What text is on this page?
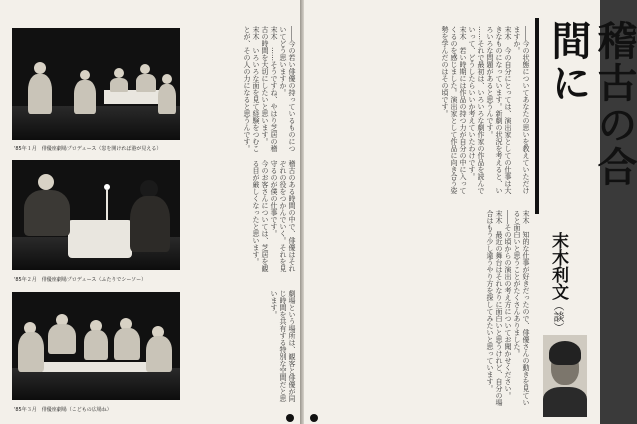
'85年１月　俳優座劇場プロデュース（窓を開ければ港が見える）
'85年２月　俳優座劇場プロデュース（ふたりでシーソー）
'85年３月　俳優座劇場（こどもの広場ね）

――今の若い俳優の持っているものについてどう思いますか。

末木　……そうですね、やはり芝居の稽古の時間を大切にしたいと思います。

末木　いろいろな面を見て経験をつむことが、その人の力になると思うんです。

稽古のある時間の中で、俳優はそれぞれの役をつかんでいく。それを見守るのが僕の仕事です。

今のお客さんについては、芝居を観る目が厳しくなったと思います。

劇場という場所は、観客と俳優が同じ時間を共有する特別な空間だと思います。

――今の状態についてあなたの思いを教えていただけますか。

末木　今の自分にとっては、演出家としての仕事は大きなものになっています。新劇の状況を考えると、いろいろな問題があると思うんです。

……それで最初は、いろいろな劇作家の作品を読んでいって、どうしたらいいか考えていたわけです。

末木　若い時期には作品の持つ力が自分の中に入ってくるのを感じました。演出家として作品に向き合う姿勢を学んだのはその頃です。

末木　知的な仕事が好きだったので、俳優さんの動きを見ていると面白いと思うことがたくさんありました。

――その頃からの演出の考え方についてお聞かせください。

末木　最近の舞台はそれなりに面白いと思うけれど、自分の場合はもう少し違うやり方を探してみたいと思っています。

稽古の合間に
末木利文（談）
